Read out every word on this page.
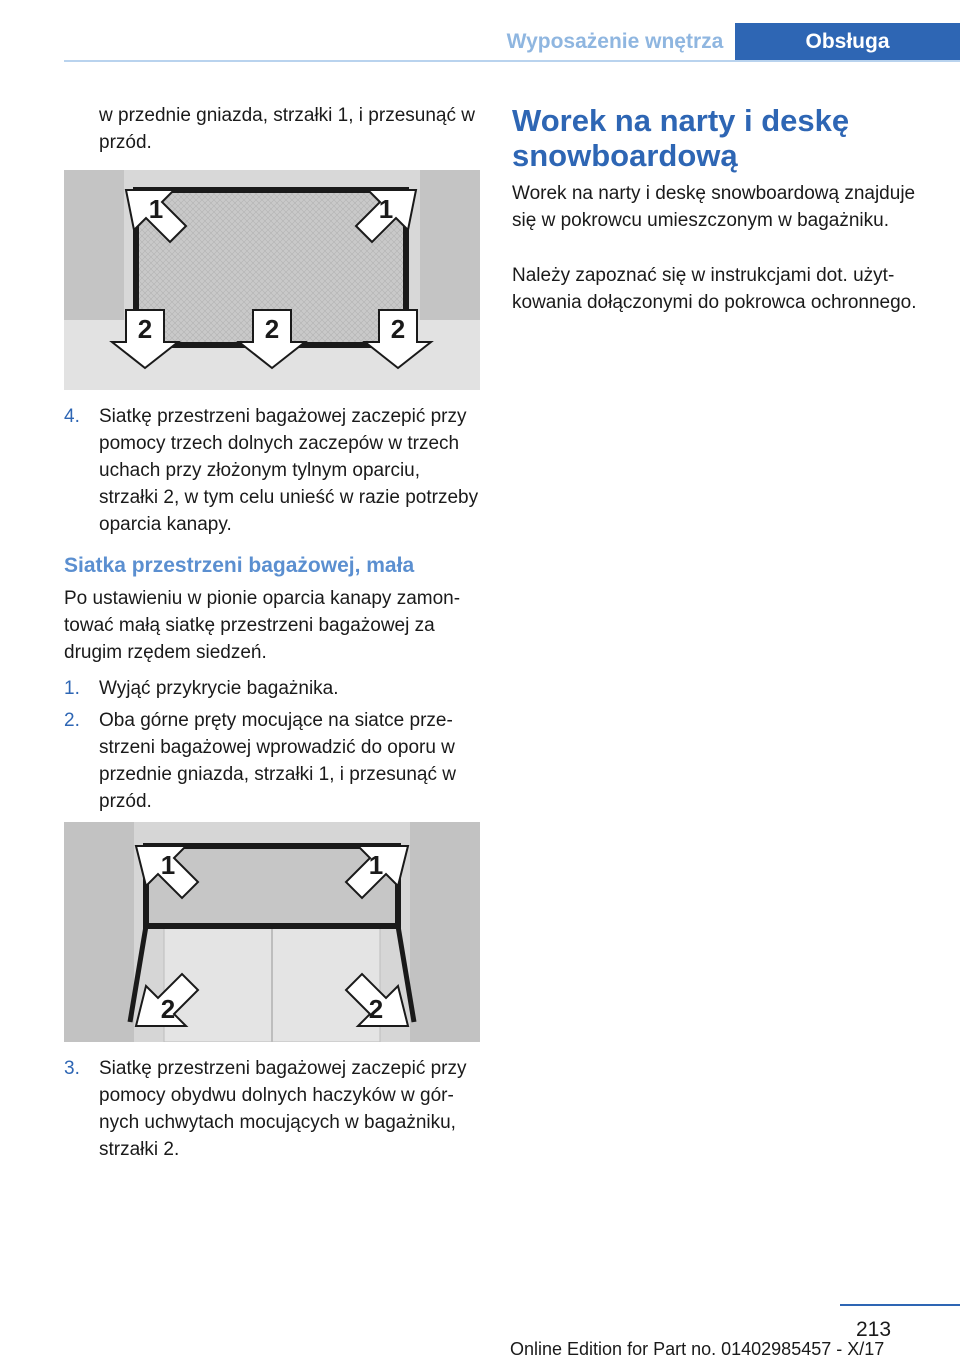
Wyposażenie wnętrza	Obsługa
w przednie gniazda, strzałki 1, i przesunąć w przód.
1	1
2	2	2
4. Siatkę przestrzeni bagażowej zaczepić przy pomocy trzech dolnych zaczepów w trzech uchach przy złożonym tylnym oparciu, strzałki 2, w tym celu unieść w razie potrzeby oparcia kanapy.
Siatka przestrzeni bagażowej, mała
Po ustawieniu w pionie oparcia kanapy zamontować małą siatkę przestrzeni bagażowej za drugim rzędem siedzeń.
1. Wyjąć przykrycie bagażnika.
2. Oba górne pręty mocujące na siatce przestrzeni bagażowej wprowadzić do oporu w przednie gniazda, strzałki 1, i przesunąć w przód.
1	1
2	2
3. Siatkę przestrzeni bagażowej zaczepić przy pomocy obydwu dolnych haczyków w górnych uchwytach mocujących w bagażniku, strzałki 2.
Worek na narty i deskę snowboardową
Worek na narty i deskę snowboardową znajduje się w pokrowcu umieszczonym w bagażniku.
Należy zapoznać się w instrukcjami dot. użytkowania dołączonymi do pokrowca ochronnego.
213
Online Edition for Part no. 01402985457 - X/17
